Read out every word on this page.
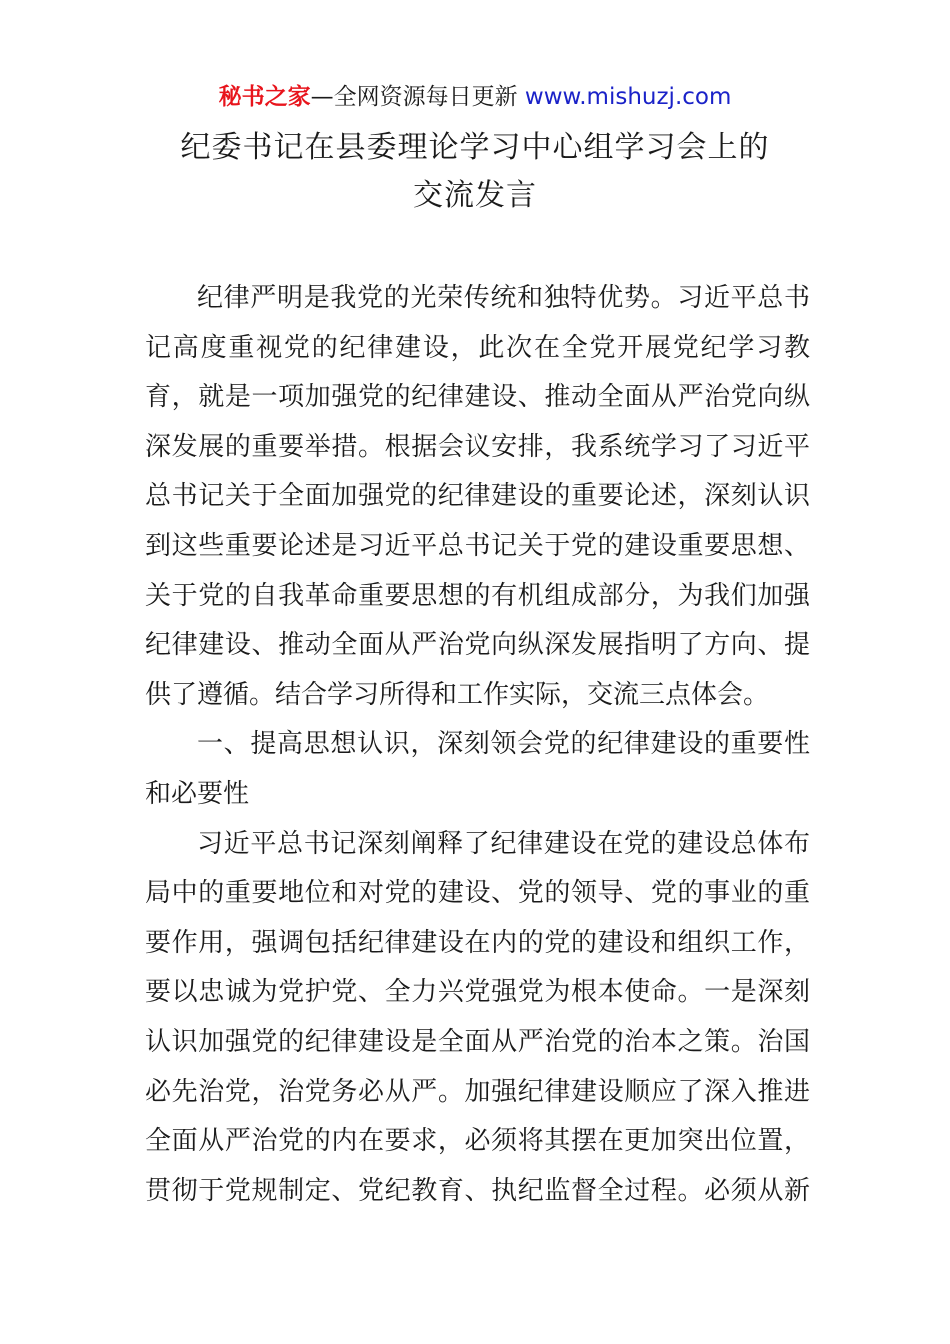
秘书之家—全网资源每日更新 www.mishuzj.com
纪委书记在县委理论学习中心组学习会上的
交流发言
纪律严明是我党的光荣传统和独特优势。习近平总书
记高度重视党的纪律建设，此次在全党开展党纪学习教
育，就是一项加强党的纪律建设、推动全面从严治党向纵
深发展的重要举措。根据会议安排，我系统学习了习近平
总书记关于全面加强党的纪律建设的重要论述，深刻认识
到这些重要论述是习近平总书记关于党的建设重要思想、
关于党的自我革命重要思想的有机组成部分，为我们加强
纪律建设、推动全面从严治党向纵深发展指明了方向、提
供了遵循。结合学习所得和工作实际，交流三点体会。
一、提高思想认识，深刻领会党的纪律建设的重要性
和必要性
习近平总书记深刻阐释了纪律建设在党的建设总体布
局中的重要地位和对党的建设、党的领导、党的事业的重
要作用，强调包括纪律建设在内的党的建设和组织工作，
要以忠诚为党护党、全力兴党强党为根本使命。一是深刻
认识加强党的纪律建设是全面从严治党的治本之策。治国
必先治党，治党务必从严。加强纪律建设顺应了深入推进
全面从严治党的内在要求，必须将其摆在更加突出位置，
贯彻于党规制定、党纪教育、执纪监督全过程。必须从新
